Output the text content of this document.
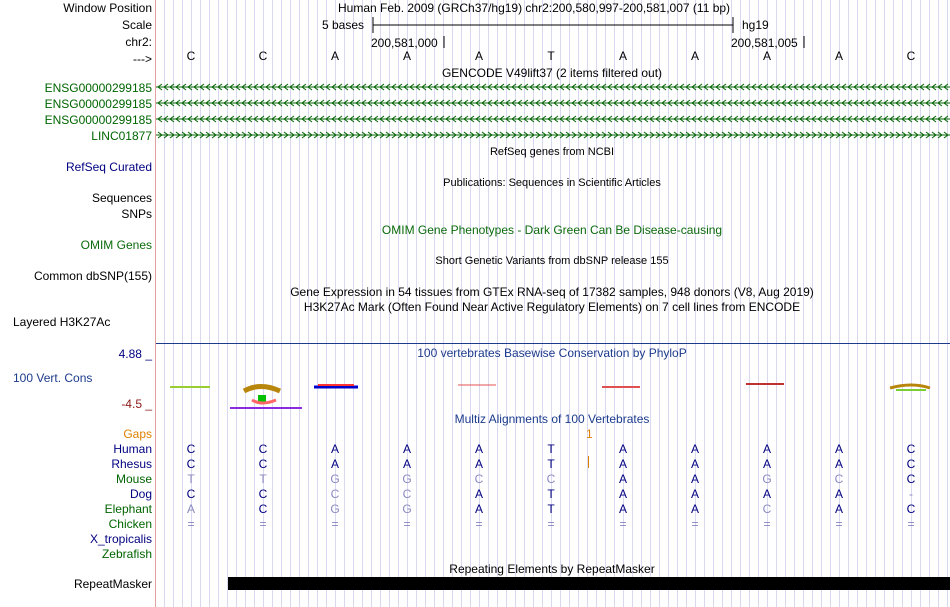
Window Position
Scale
chr2:
--->
ENSG00000299185
ENSG00000299185
ENSG00000299185
LINC01877
RefSeq Curated
Sequences
SNPs
OMIM Genes
Common dbSNP(155)
Layered H3K27Ac
4.88 _
100 Vert. Cons
-4.5 _
Gaps
Human
Rhesus
Mouse
Dog
Elephant
Chicken
X_tropicalis
Zebrafish
RepeatMasker
Human Feb. 2009 (GRCh37/hg19) chr2:200,580,997-200,581,007 (11 bp)
5 bases	hg19
200,581,000	200,581,005
C	C	A	A	A	T	A	A	A	A	C
GENCODE V49lift37 (2 items filtered out)
RefSeq genes from NCBI
Publications: Sequences in Scientific Articles
OMIM Gene Phenotypes - Dark Green Can Be Disease-causing
Short Genetic Variants from dbSNP release 155
Gene Expression in 54 tissues from GTEx RNA-seq of 17382 samples, 948 donors (V8, Aug 2019)
H3K27Ac Mark (Often Found Near Active Regulatory Elements) on 7 cell lines from ENCODE
100 vertebrates Basewise Conservation by PhyloP
Multiz Alignments of 100 Vertebrates
1
C	C	A	A	A	T	A	A	A	A	C
C	C	A	A	A	T	A	A	A	A	C
T	T	G	G	C	C	A	A	G	C	C
C	C	C	C	A	T	A	A	A	A	-
A	C	G	G	A	T	A	A	C	A	C
=	=	=	=	=	=	=	=	=	=	=
Repeating Elements by RepeatMasker
